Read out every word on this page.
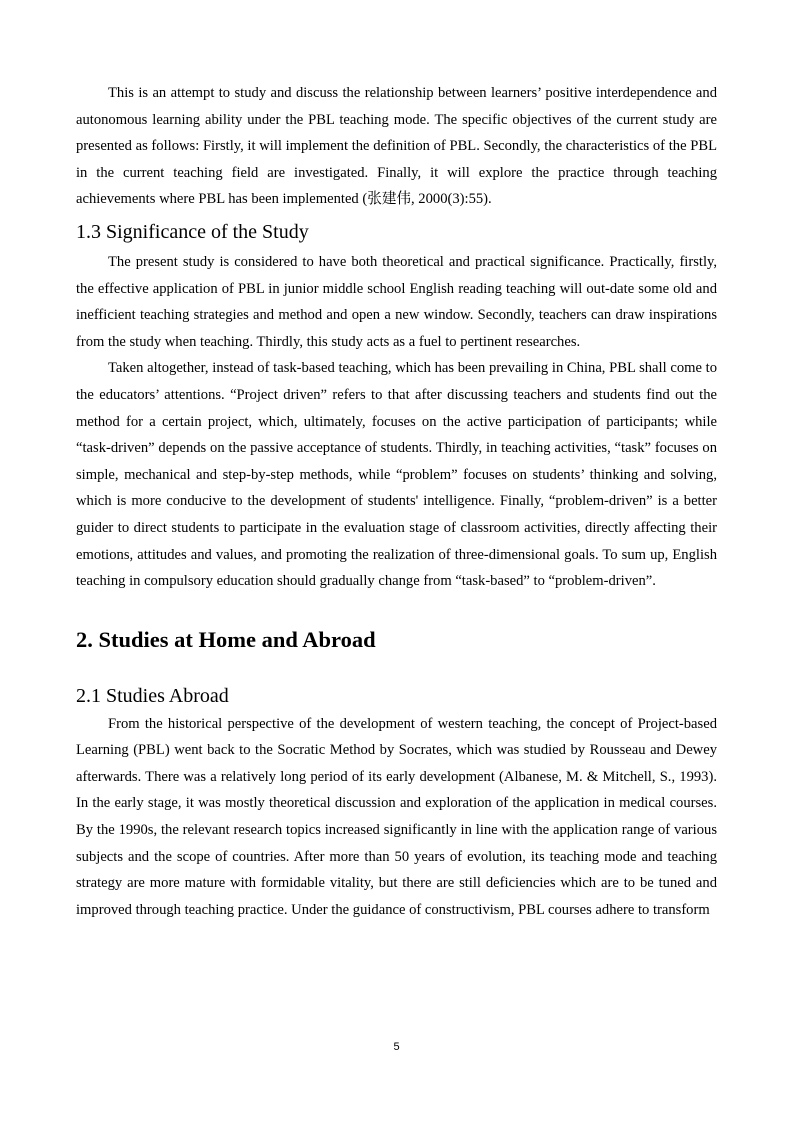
This is an attempt to study and discuss the relationship between learners’ positive interdependence and autonomous learning ability under the PBL teaching mode. The specific objectives of the current study are presented as follows: Firstly, it will implement the definition of PBL. Secondly, the characteristics of the PBL in the current teaching field are investigated. Finally, it will explore the practice through teaching achievements where PBL has been implemented (张建伟, 2000(3):55).

1.3 Significance of the Study

The present study is considered to have both theoretical and practical significance. Practically, firstly, the effective application of PBL in junior middle school English reading teaching will out-date some old and inefficient teaching strategies and method and open a new window. Secondly, teachers can draw inspirations from the study when teaching. Thirdly, this study acts as a fuel to pertinent researches.

Taken altogether, instead of task-based teaching, which has been prevailing in China, PBL shall come to the educators’ attentions. “Project driven” refers to that after discussing teachers and students find out the method for a certain project, which, ultimately, focuses on the active participation of participants; while “task-driven” depends on the passive acceptance of students. Thirdly, in teaching activities, “task” focuses on simple, mechanical and step-by-step methods, while “problem” focuses on students’ thinking and solving, which is more conducive to the development of students' intelligence. Finally, “problem-driven” is a better guider to direct students to participate in the evaluation stage of classroom activities, directly affecting their emotions, attitudes and values, and promoting the realization of three-dimensional goals. To sum up, English teaching in compulsory education should gradually change from “task-based” to “problem-driven”.

2. Studies at Home and Abroad
2.1 Studies Abroad

From the historical perspective of the development of western teaching, the concept of Project-based Learning (PBL) went back to the Socratic Method by Socrates, which was studied by Rousseau and Dewey afterwards. There was a relatively long period of its early development (Albanese, M. & Mitchell, S., 1993). In the early stage, it was mostly theoretical discussion and exploration of the application in medical courses. By the 1990s, the relevant research topics increased significantly in line with the application range of various subjects and the scope of countries. After more than 50 years of evolution, its teaching mode and teaching strategy are more mature with formidable vitality, but there are still deficiencies which are to be tuned and improved through teaching practice. Under the guidance of constructivism, PBL courses adhere to transform

5
